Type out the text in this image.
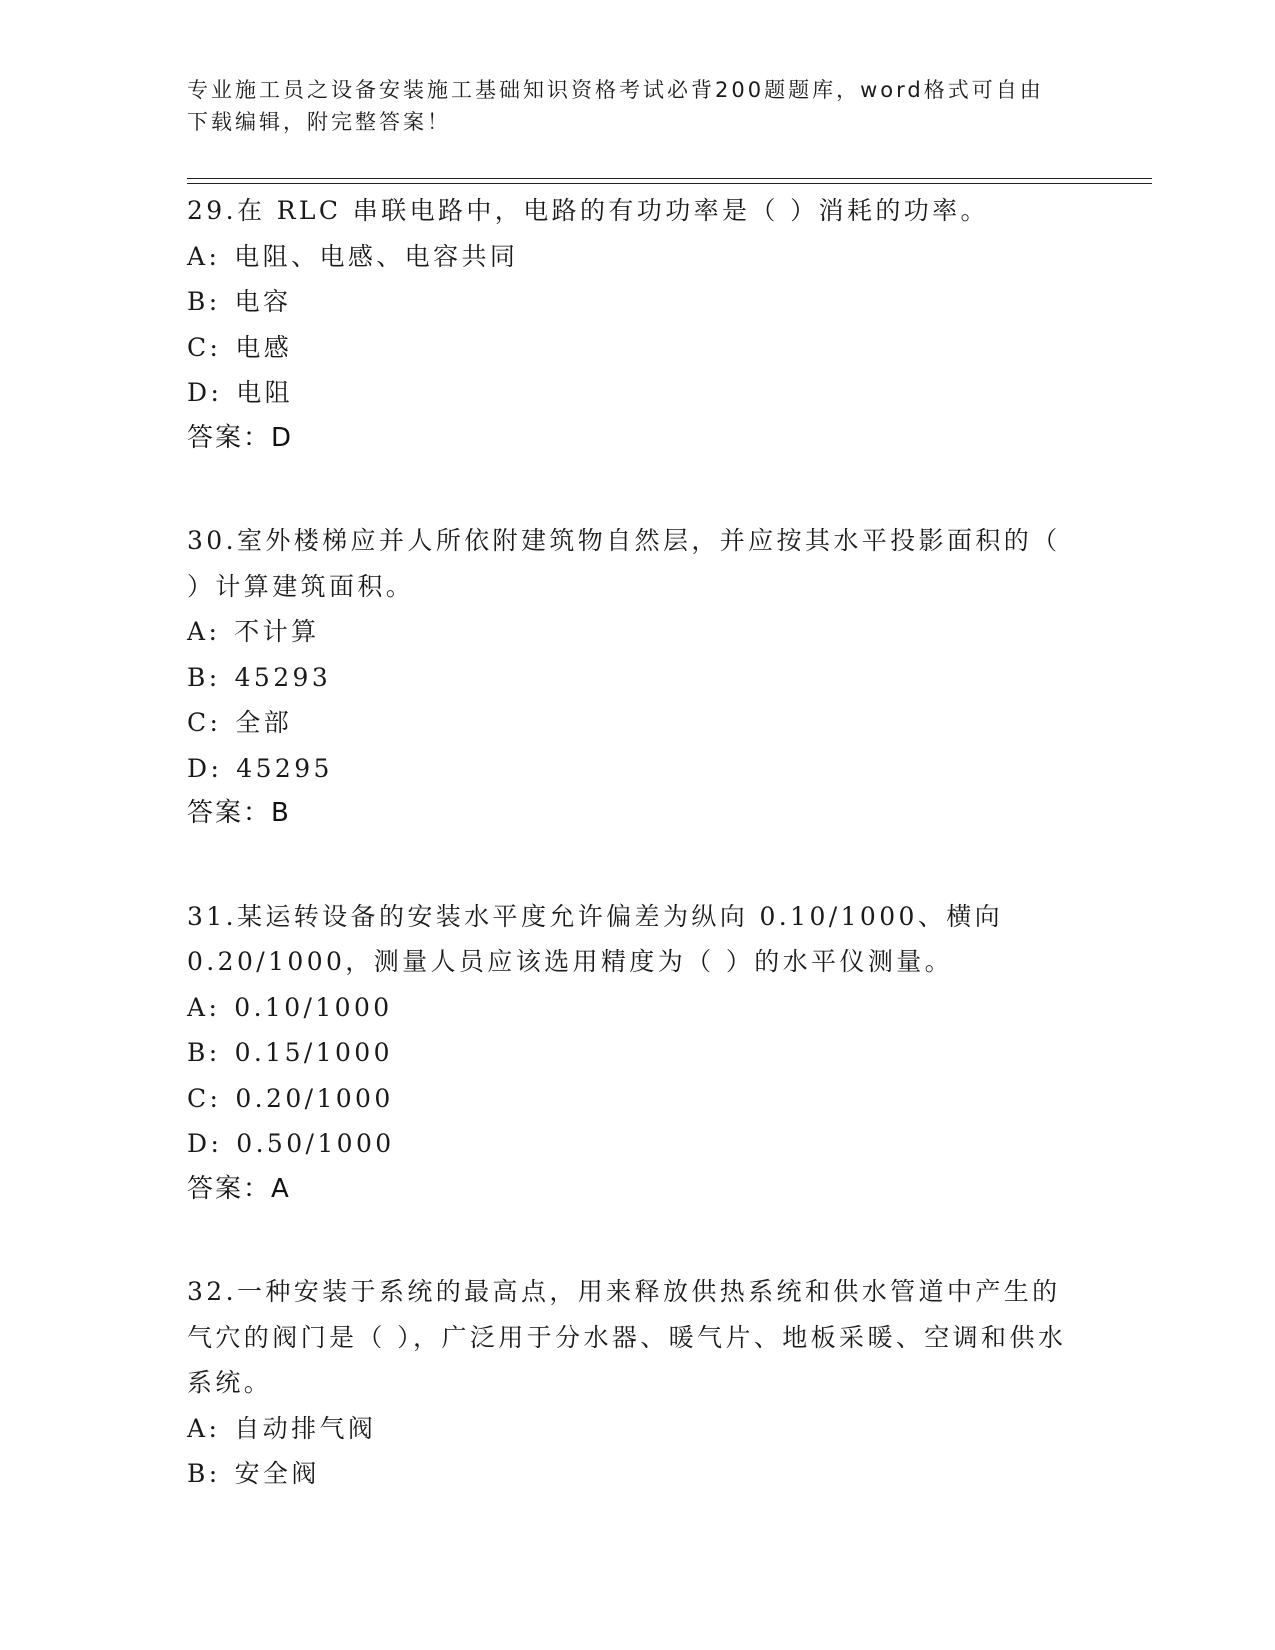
专业施工员之设备安装施工基础知识资格考试必背200题题库，word格式可自由下载编辑，附完整答案！

29.在 RLC 串联电路中，电路的有功功率是（ ）消耗的功率。

A: 电阻、电感、电容共同

B: 电容

C: 电感

D: 电阻

答案：D

30.室外楼梯应并人所依附建筑物自然层，并应按其水平投影面积的（ ）计算建筑面积。

A: 不计算

B: 45293

C: 全部

D: 45295

答案：B

31.某运转设备的安装水平度允许偏差为纵向 0.10/1000、横向 0.20/1000，测量人员应该选用精度为（ ）的水平仪测量。

A: 0.10/1000

B: 0.15/1000

C: 0.20/1000

D: 0.50/1000

答案：A

32.一种安装于系统的最高点，用来释放供热系统和供水管道中产生的气穴的阀门是（ ），广泛用于分水器、暖气片、地板采暖、空调和供水系统。

A: 自动排气阀

B: 安全阀
